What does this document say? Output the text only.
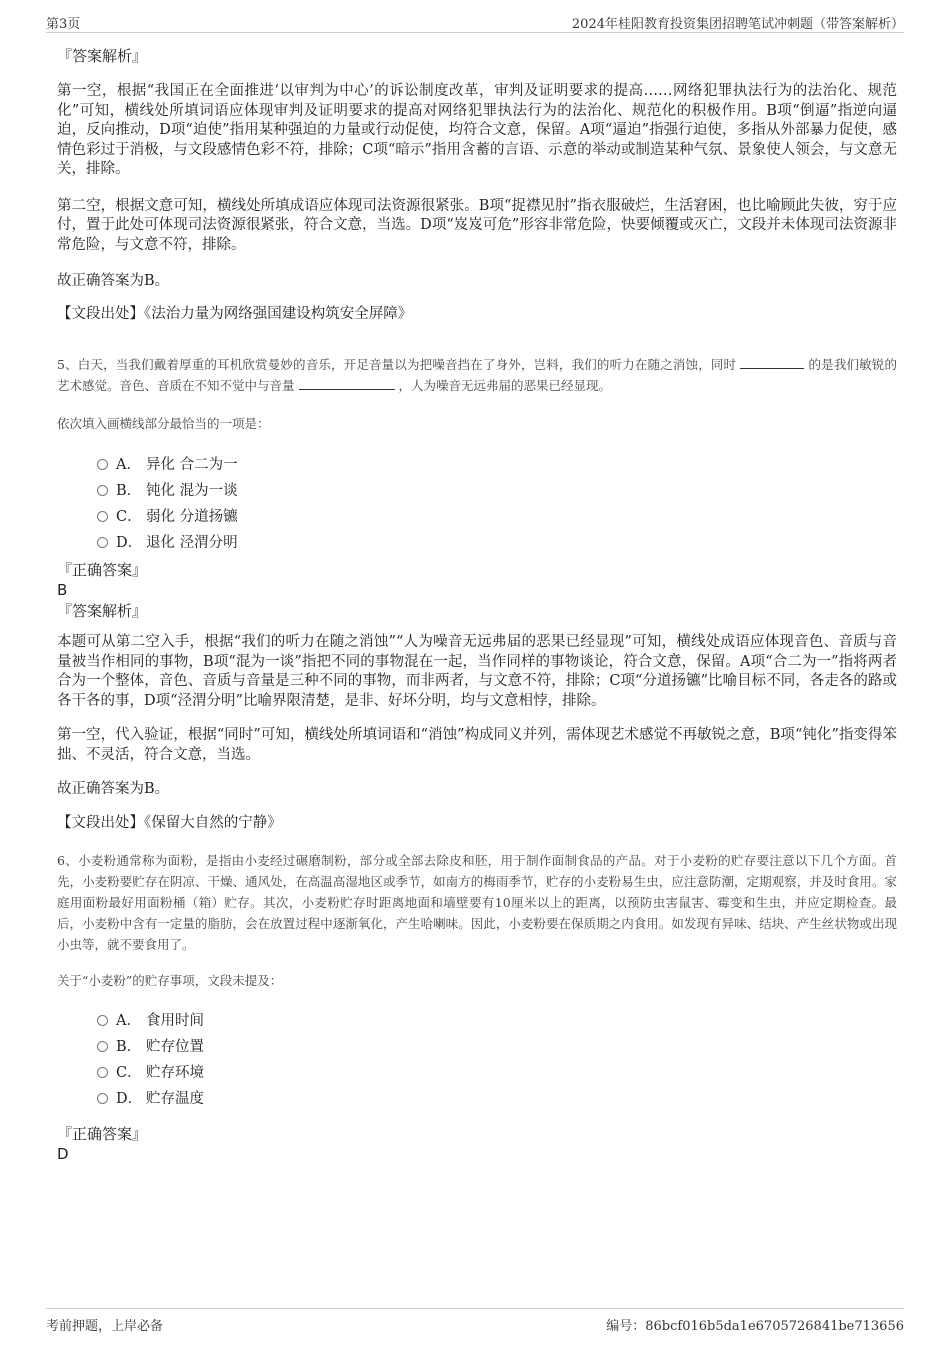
第3页	2024年桂阳教育投资集团招聘笔试冲刺题（带答案解析）

『答案解析』

第一空，根据“我国正在全面推进‘以审判为中心’的诉讼制度改革，审判及证明要求的提高……网络犯罪执法行为的法治化、规范化”可知，横线处所填词语应体现审判及证明要求的提高对网络犯罪执法行为的法治化、规范化的积极作用。B项“倒逼”指逆向逼迫，反向推动，D项“迫使”指用某种强迫的力量或行动促使，均符合文意，保留。A项“逼迫”指强行迫使，多指从外部暴力促使，感情色彩过于消极，与文段感情色彩不符，排除；C项“暗示”指用含蓄的言语、示意的举动或制造某种气氛、景象使人领会，与文意无关，排除。

第二空，根据文意可知，横线处所填成语应体现司法资源很紧张。B项“捉襟见肘”指衣服破烂，生活窘困，也比喻顾此失彼，穷于应付，置于此处可体现司法资源很紧张，符合文意，当选。D项“岌岌可危”形容非常危险，快要倾覆或灭亡，文段并未体现司法资源非常危险，与文意不符，排除。

故正确答案为B。

【文段出处】《法治力量为网络强国建设构筑安全屏障》

5、白天，当我们戴着厚重的耳机欣赏曼妙的音乐，开足音量以为把噪音挡在了身外，岂料，我们的听力在随之消蚀，同时	的是我们敏锐的艺术感觉。音色、音质在不知不觉中与音量	，人为噪音无远弗届的恶果已经显现。

依次填入画横线部分最恰当的一项是：

A． 异化 合二为一
B． 钝化 混为一谈
C． 弱化 分道扬镳
D． 退化 泾渭分明

『正确答案』

B

『答案解析』

本题可从第二空入手，根据“我们的听力在随之消蚀”“人为噪音无远弗届的恶果已经显现”可知，横线处成语应体现音色、音质与音量被当作相同的事物，B项“混为一谈”指把不同的事物混在一起，当作同样的事物谈论，符合文意，保留。A项“合二为一”指将两者合为一个整体，音色、音质与音量是三种不同的事物，而非两者，与文意不符，排除；C项“分道扬镳”比喻目标不同，各走各的路或各干各的事，D项“泾渭分明”比喻界限清楚，是非、好坏分明，均与文意相悖，排除。

第一空，代入验证，根据“同时”可知，横线处所填词语和“消蚀”构成同义并列，需体现艺术感觉不再敏锐之意，B项“钝化”指变得笨拙、不灵活，符合文意，当选。

故正确答案为B。

【文段出处】《保留大自然的宁静》

6、小麦粉通常称为面粉，是指由小麦经过碾磨制粉，部分或全部去除皮和胚，用于制作面制食品的产品。对于小麦粉的贮存要注意以下几个方面。首先，小麦粉要贮存在阴凉、干燥、通风处，在高温高湿地区或季节，如南方的梅雨季节，贮存的小麦粉易生虫，应注意防潮，定期观察，并及时食用。家庭用面粉最好用面粉桶（箱）贮存。其次，小麦粉贮存时距离地面和墙壁要有10厘米以上的距离，以预防虫害鼠害、霉变和生虫，并应定期检查。最后，小麦粉中含有一定量的脂肪，会在放置过程中逐渐氧化，产生哈喇味。因此，小麦粉要在保质期之内食用。如发现有异味、结块、产生丝状物或出现小虫等，就不要食用了。

关于“小麦粉”的贮存事项，文段未提及：

A． 食用时间
B． 贮存位置
C． 贮存环境
D． 贮存温度

『正确答案』

D

考前押题，上岸必备	编号：86bcf016b5da1e6705726841be713656
